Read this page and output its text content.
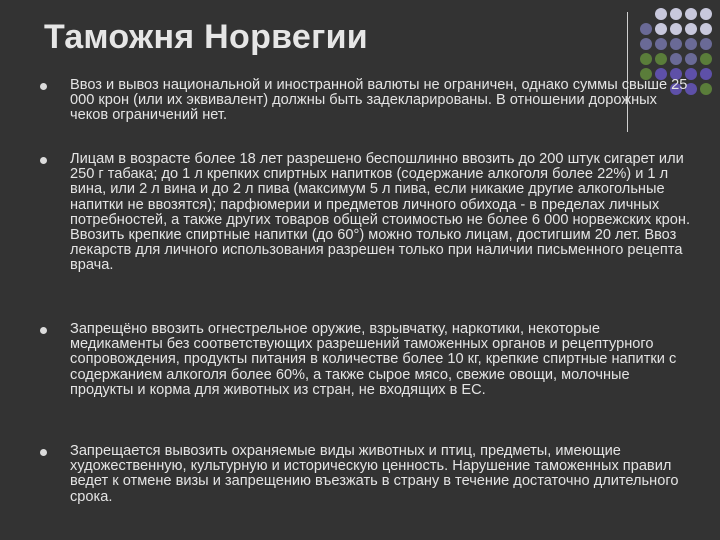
Таможня Норвегии

Ввоз и вывоз национальной и иностранной валюты не ограничен, однако суммы свыше 25 000 крон (или их эквивалент) должны быть задекларированы. В отношении дорожных чеков ограничений нет.

Лицам в возрасте более 18 лет разрешено беспошлинно ввозить до 200 штук сигарет или 250 г табака; до 1 л крепких спиртных напитков (содержание алкоголя более 22%) и 1 л вина, или 2 л вина и до 2 л пива (максимум 5 л пива, если никакие другие алкогольные напитки не ввозятся); парфюмерии и предметов личного обихода - в пределах личных потребностей, а также других товаров общей стоимостью не более 6 000 норвежских крон. Ввозить крепкие спиртные напитки (до 60°) можно только лицам, достигшим 20 лет. Ввоз лекарств для личного использования разрешен только при наличии письменного рецепта врача.

Запрещёно ввозить огнестрельное оружие, взрывчатку, наркотики, некоторые медикаменты без соответствующих разрешений таможенных органов и рецептурного сопровождения, продукты питания в количестве более 10 кг, крепкие спиртные напитки с содержанием алкоголя более 60%, а также сырое мясо, свежие овощи, молочные продукты и корма для животных из стран, не входящих в ЕС.

Запрещается вывозить охраняемые виды животных и птиц, предметы, имеющие художественную, культурную и историческую ценность. Нарушение таможенных правил ведет к отмене визы и запрещению въезжать в страну в течение достаточно длительного срока.
